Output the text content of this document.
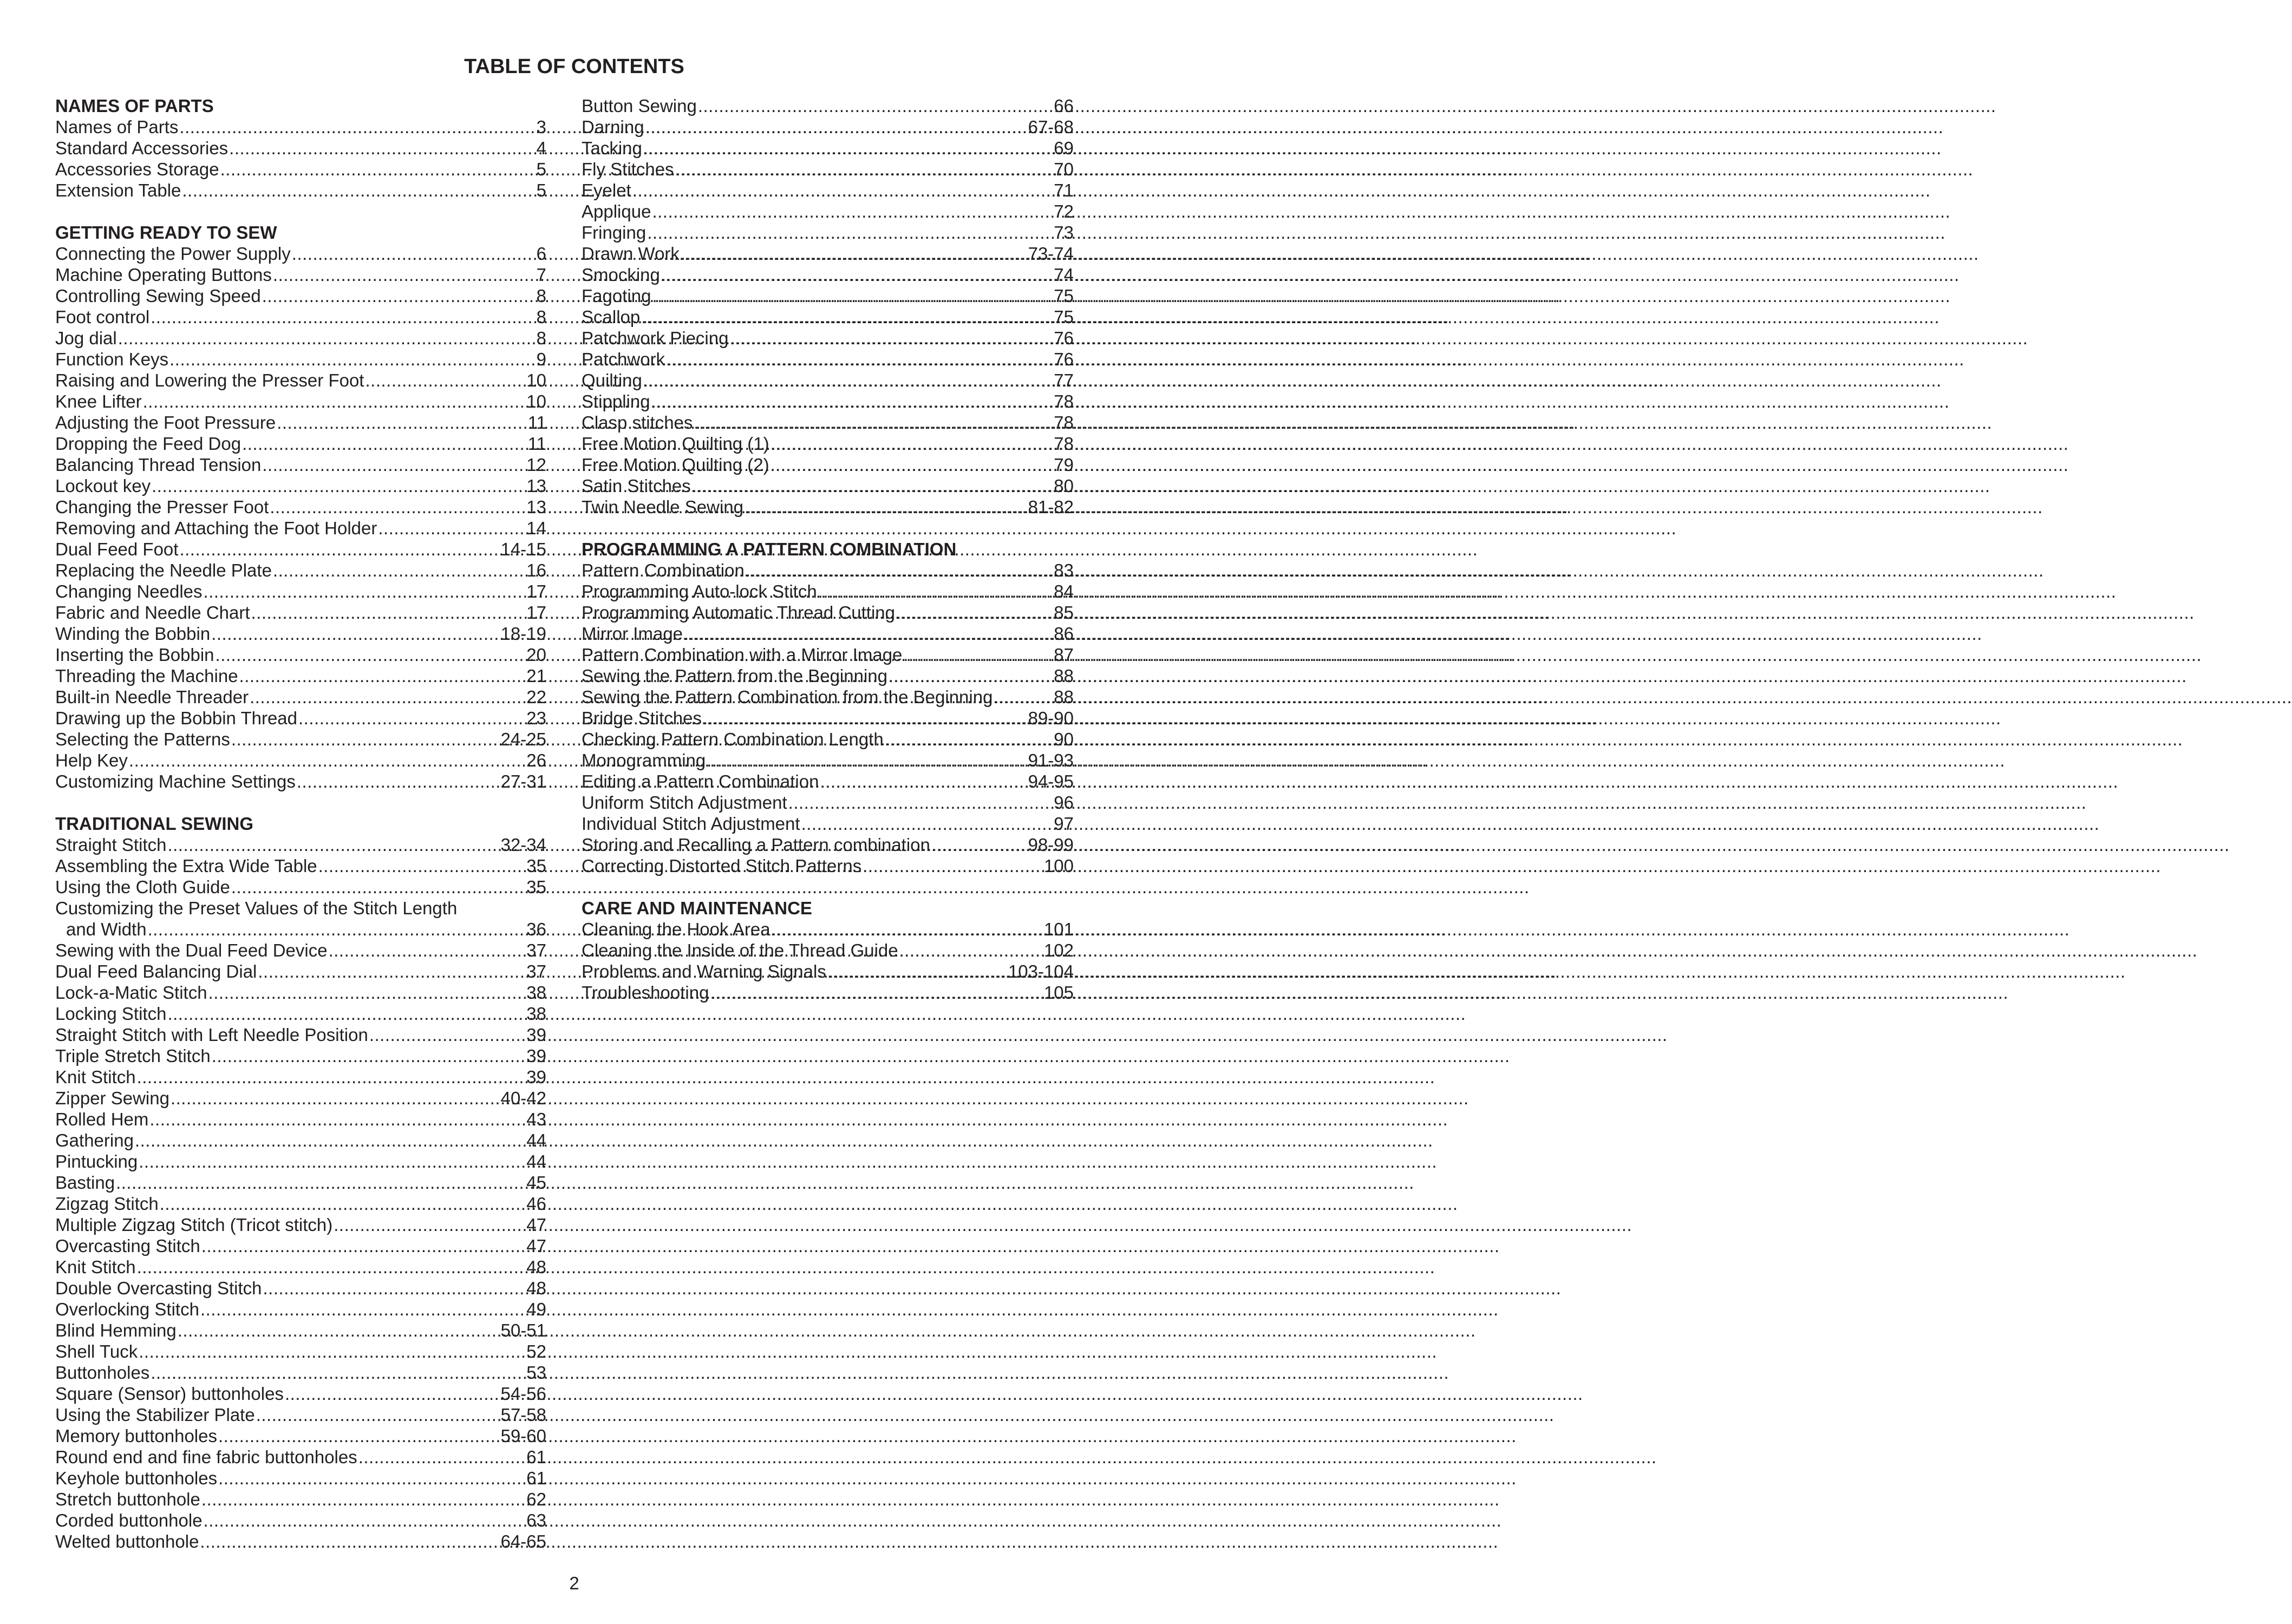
TABLE OF CONTENTS
NAMES OF PARTS
Names of Parts .....	3
Standard Accessories .....	4
Accessories Storage .....	5
Extension Table .....	5
GETTING READY TO SEW
Connecting the Power Supply .....	6
Machine Operating Buttons .....	7
Controlling Sewing Speed .....	8
Foot control .....	8
Jog dial .....	8
Function Keys .....	9
Raising and Lowering the Presser Foot .....	10
Knee Lifter .....	10
Adjusting the Foot Pressure .....	11
Dropping the Feed Dog .....	11
Balancing Thread Tension .....	12
Lockout key .....	13
Changing the Presser Foot .....	13
Removing and Attaching the Foot Holder .....	14
Dual Feed Foot .....	14-15
Replacing the Needle Plate .....	16
Changing Needles .....	17
Fabric and Needle Chart .....	17
Winding the Bobbin .....	18-19
Inserting the Bobbin .....	20
Threading the Machine .....	21
Built-in Needle Threader .....	22
Drawing up the Bobbin Thread .....	23
Selecting the Patterns .....	24-25
Help Key .....	26
Customizing Machine Settings .....	27-31
TRADITIONAL SEWING
Straight Stitch .....	32-34
Assembling the Extra Wide Table .....	35
Using the Cloth Guide .....	35
Customizing the Preset Values of the Stitch Length
and Width .....	36
Sewing with the Dual Feed Device .....	37
Dual Feed Balancing Dial .....	37
Lock-a-Matic Stitch .....	38
Locking Stitch .....	38
Straight Stitch with Left Needle Position .....	39
Triple Stretch Stitch .....	39
Knit Stitch .....	39
Zipper Sewing .....	40-42
Rolled Hem .....	43
Gathering .....	44
Pintucking .....	44
Basting .....	45
Zigzag Stitch .....	46
Multiple Zigzag Stitch (Tricot stitch) .....	47
Overcasting Stitch .....	47
Knit Stitch .....	48
Double Overcasting Stitch .....	48
Overlocking Stitch .....	49
Blind Hemming .....	50-51
Shell Tuck .....	52
Buttonholes .....	53
Square (Sensor) buttonholes .....	54-56
Using the Stabilizer Plate .....	57-58
Memory buttonholes .....	59-60
Round end and fine fabric buttonholes .....	61
Keyhole buttonholes .....	61
Stretch buttonhole .....	62
Corded buttonhole .....	63
Welted buttonhole .....	64-65
Button Sewing .....	66
Darning .....	67-68
Tacking .....	69
Fly Stitches .....	70
Eyelet .....	71
Applique .....	72
Fringing .....	73
Drawn Work .....	73-74
Smocking .....	74
Fagoting .....	75
Scallop .....	75
Patchwork Piecing .....	76
Patchwork .....	76
Quilting .....	77
Stippling .....	78
Clasp stitches .....	78
Free Motion Quilting (1) .....	78
Free Motion Quilting (2) .....	79
Satin Stitches .....	80
Twin Needle Sewing .....	81-82
PROGRAMMING A PATTERN COMBINATION
Pattern Combination .....	83
Programming Auto-lock Stitch .....	84
Programming Automatic Thread Cutting .....	85
Mirror Image .....	86
Pattern Combination with a Mirror Image .....	87
Sewing the Pattern from the Beginning .....	88
Sewing the Pattern Combination from the Beginning .....	88
Bridge Stitches .....	89-90
Checking Pattern Combination Length .....	90
Monogramming .....	91-93
Editing a Pattern Combination .....	94-95
Uniform Stitch Adjustment .....	96
Individual Stitch Adjustment .....	97
Storing and Recalling a Pattern combination .....	98-99
Correcting Distorted Stitch Patterns .....	100
CARE AND MAINTENANCE
Cleaning the Hook Area .....	101
Cleaning the Inside of the Thread Guide .....	102
Problems and Warning Signals .....	103-104
Troubleshooting .....	105
2
